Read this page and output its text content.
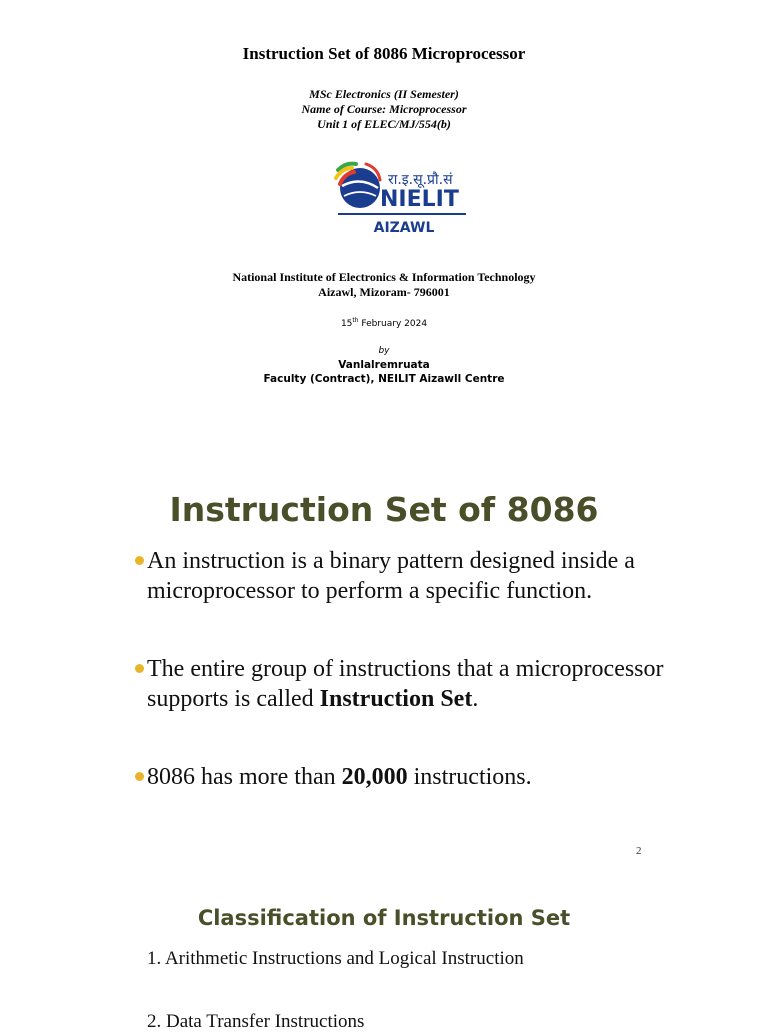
Instruction Set of 8086 Microprocessor
MSc Electronics (II Semester)
Name of Course: Microprocessor
Unit 1 of ELEC/MJ/554(b)
रा.इ.सू.प्रौ.सं
NIELIT
AIZAWL
National Institute of Electronics & Information Technology
Aizawl, Mizoram- 796001
15th February 2024
by
Vanlalremruata
Faculty (Contract), NEILIT Aizawll Centre
Instruction Set of 8086
An instruction is a binary pattern designed inside a microprocessor to perform a specific function.
The entire group of instructions that a microprocessor supports is called Instruction Set.
8086 has more than 20,000 instructions.
2
Classification of Instruction Set
1. Arithmetic Instructions and Logical Instruction
2. Data Transfer Instructions
